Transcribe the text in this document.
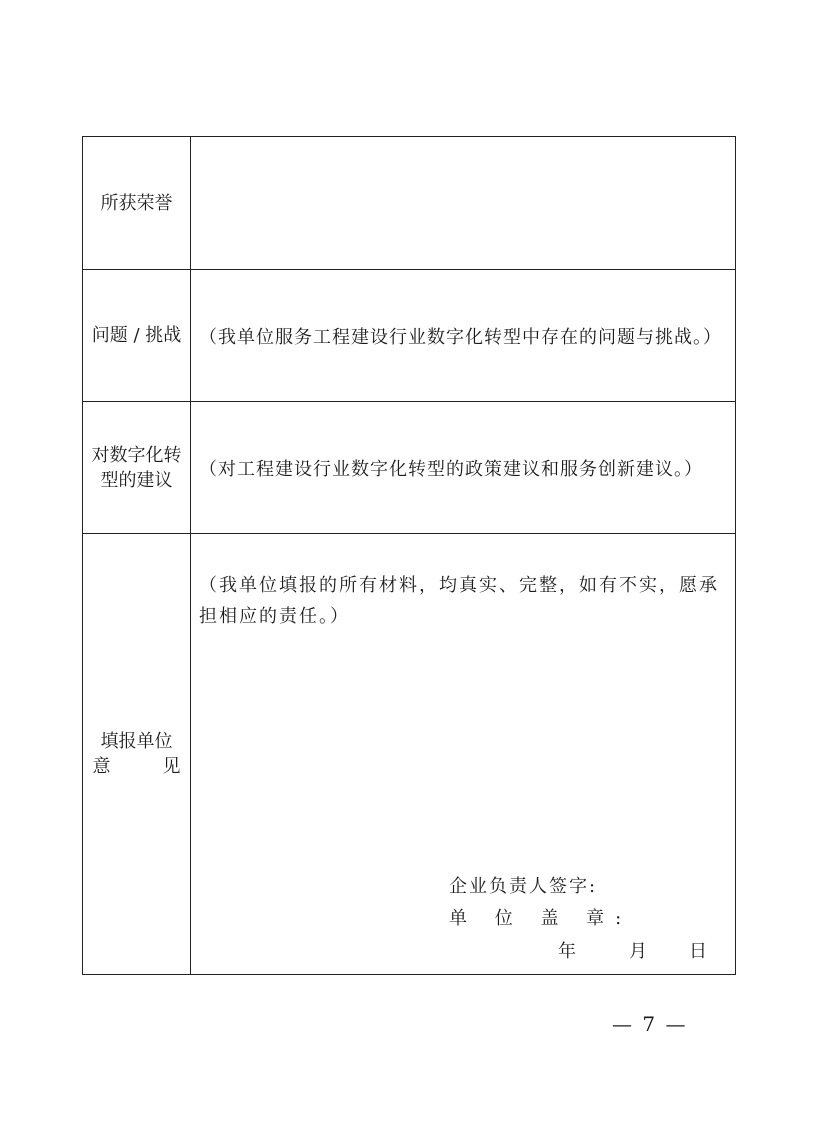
所获荣誉
问题 / 挑战 （我单位服务工程建设行业数字化转型中存在的问题与挑战。）
对数字化转
型的建议
（对工程建设行业数字化转型的政策建议和服务创新建议。）
填报单位
意	见
（我单位填报的所有材料，均真实、完整，如有不实，愿承担相应的责任。）
企业负责人签字:
单 位 盖 章:
年	月 日
— 7 —
